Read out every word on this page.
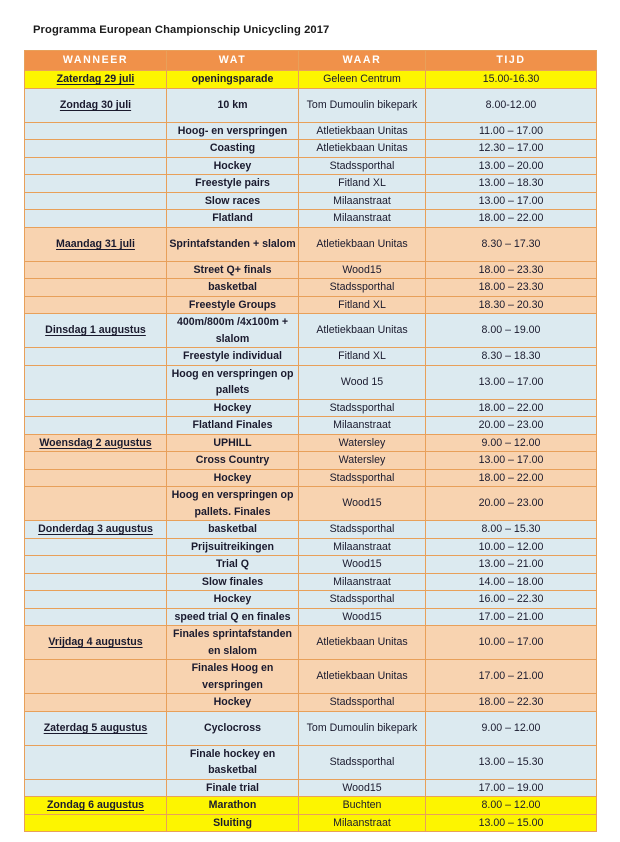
Programma European Championschip Unicycling 2017
WANNEER	WAT	WAAR	TIJD
Zaterdag 29 juli	openingsparade	Geleen Centrum	15.00-16.30
Zondag 30 juli	10 km	Tom Dumoulin bikepark	8.00-12.00

	Hoog- en verspringen	Atletiekbaan Unitas	11.00 – 17.00

	Coasting	Atletiekbaan Unitas	12.30 – 17.00

	Hockey	Stadssporthal	13.00 – 20.00

	Freestyle pairs	Fitland XL	13.00 – 18.30

	Slow races	Milaanstraat	13.00 – 17.00

	Flatland	Milaanstraat	18.00 – 22.00
Maandag 31 juli	Sprintafstanden + slalom	Atletiekbaan Unitas	8.30 – 17.30

	Street Q+ finals	Wood15	18.00 – 23.30

	basketbal	Stadssporthal	18.00 – 23.30

	Freestyle Groups	Fitland XL	18.30 – 20.30
Dinsdag 1 augustus	400m/800m /4x100m + slalom	Atletiekbaan Unitas	8.00 – 19.00

	Freestyle individual	Fitland XL	8.30 – 18.30

	Hoog en verspringen op pallets	Wood 15	13.00 – 17.00

	Hockey	Stadssporthal	18.00 – 22.00

	Flatland Finales	Milaanstraat	20.00 – 23.00
Woensdag 2 augustus	UPHILL	Watersley	9.00 – 12.00

	Cross Country	Watersley	13.00 – 17.00

	Hockey	Stadssporthal	18.00 – 22.00

	Hoog en verspringen op pallets. Finales	Wood15	20.00 – 23.00
Donderdag 3 augustus	basketbal	Stadssporthal	8.00 – 15.30

	Prijsuitreikingen	Milaanstraat	10.00 – 12.00

	Trial Q	Wood15	13.00 – 21.00

	Slow finales	Milaanstraat	14.00 – 18.00

	Hockey	Stadssporthal	16.00 – 22.30

	speed trial Q en finales	Wood15	17.00 – 21.00
Vrijdag 4 augustus	Finales sprintafstanden en slalom	Atletiekbaan Unitas	10.00 – 17.00

	Finales Hoog en verspringen	Atletiekbaan Unitas	17.00 – 21.00

	Hockey	Stadssporthal	18.00 – 22.30
Zaterdag 5 augustus	Cyclocross	Tom Dumoulin bikepark	9.00 – 12.00

	Finale hockey en basketbal	Stadssporthal	13.00 – 15.30

	Finale trial	Wood15	17.00 – 19.00
Zondag 6 augustus	Marathon	Buchten	8.00 – 12.00

	Sluiting	Milaanstraat	13.00 – 15.00
